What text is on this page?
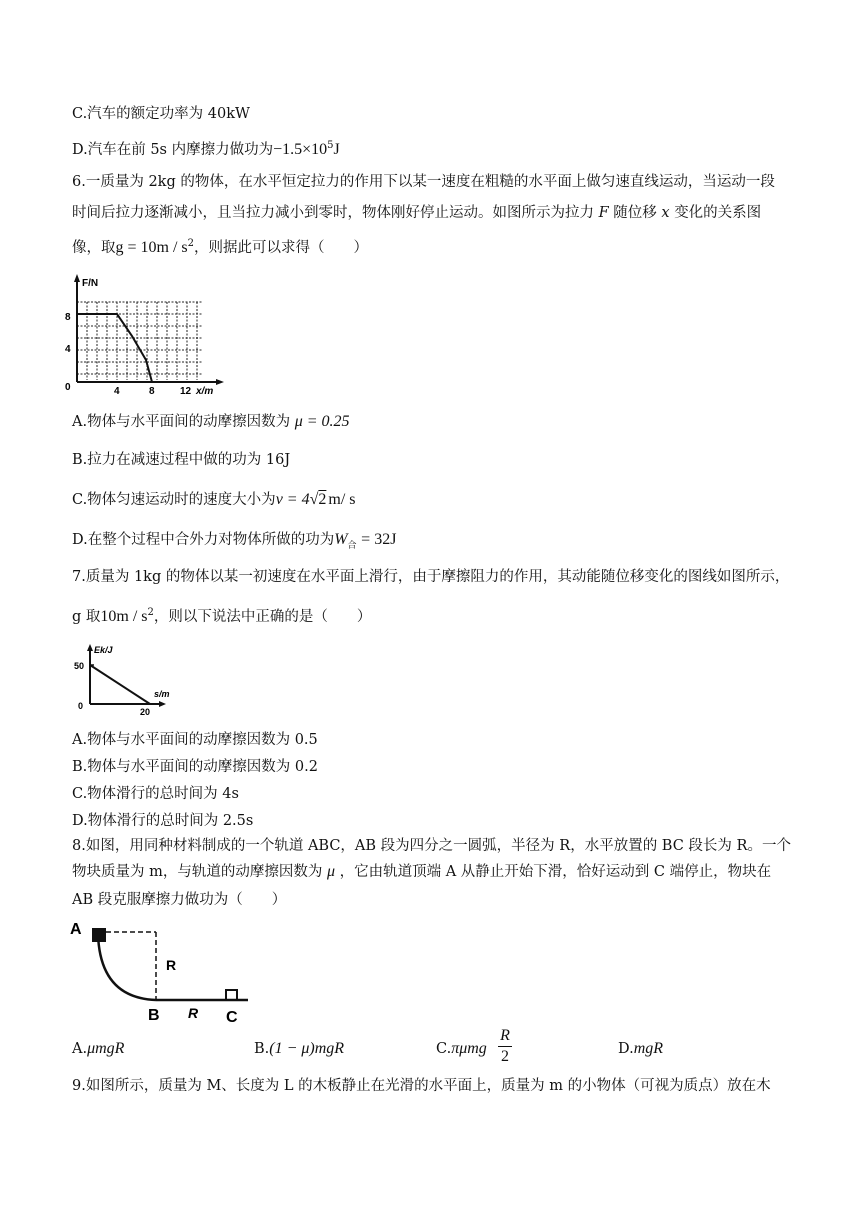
C.汽车的额定功率为 40kW
D.汽车在前 5s 内摩擦力做功为$-1.5\times 10^5J$
6.一质量为 2kg 的物体，在水平恒定拉力的作用下以某一速度在粗糙的水平面上做匀速直线运动，当运动一段
时间后拉力逐渐减小，且当拉力减小到零时，物体刚好停止运动。如图所示为拉力 F 随位移 x 变化的关系图
像，取$g = 10m / s^2$，则据此可以求得（　　）
F/N
8
4
0	4	8	12 x/m
A.物体与水平面间的动摩擦因数为 μ = 0.25
B.拉力在减速过程中做的功为 16J
C.物体匀速运动时的速度大小为v = 4√2 m/ s
D.在整个过程中合外力对物体所做的功为$W_合 = 32J$
7.质量为 1kg 的物体以某一初速度在水平面上滑行，由于摩擦阻力的作用，其动能随位移变化的图线如图所示，
g 取$10m / s^2$，则以下说法中正确的是（　　）
Ek/J
50
0
20
s/m
A.物体与水平面间的动摩擦因数为 0.5
B.物体与水平面间的动摩擦因数为 0.2
C.物体滑行的总时间为 4s
D.物体滑行的总时间为 2.5s
8.如图，用同种材料制成的一个轨道 ABC，AB 段为四分之一圆弧，半径为 R，水平放置的 BC 段长为 R。一个
物块质量为 m，与轨道的动摩擦因数为 μ ，它由轨道顶端 A 从静止开始下滑，恰好运动到 C 端停止，物块在
AB 段克服摩擦力做功为（　　）
A
R
B R C
A.μmgR	B.(1 − μ)mgR	C.πμmg
R
2	D.mgR
9.如图所示，质量为 M、长度为 L 的木板静止在光滑的水平面上，质量为 m 的小物体（可视为质点）放在木
